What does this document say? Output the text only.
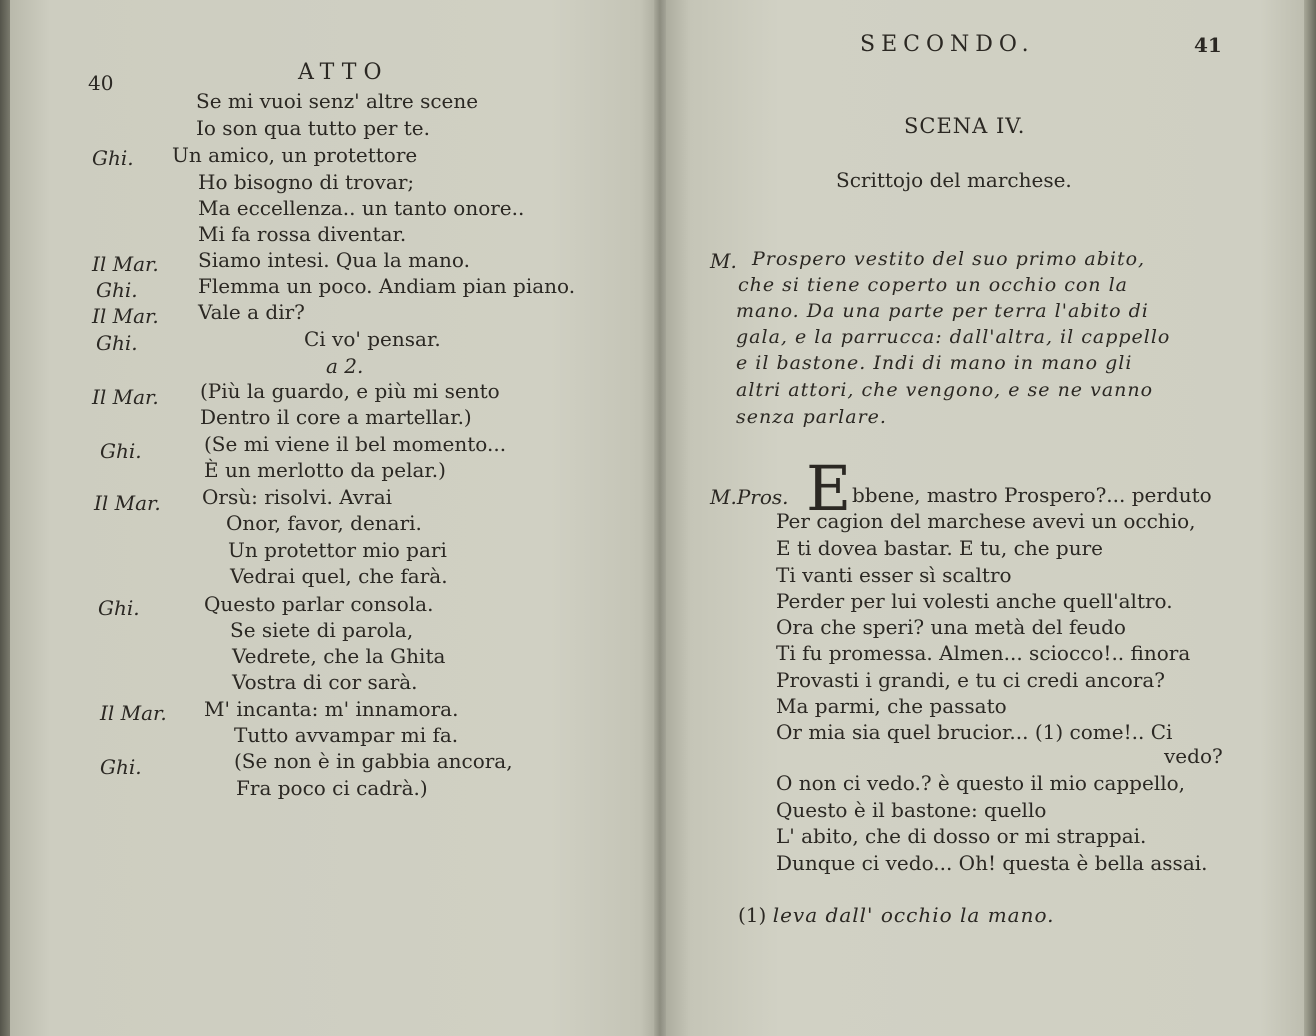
40	ATTO
Ghi.
Il Mar.
Ghi.
Il Mar.
Ghi.
Il Mar.
Ghi.
Il Mar.
Ghi.
Il Mar.
Ghi.
Se mi vuoi senz' altre scene
Io son qua tutto per te.
Un amico, un protettore
Ho bisogno di trovar;
Ma eccellenza.. un tanto onore..
Mi fa rossa diventar.
Siamo intesi. Qua la mano.
Flemma un poco. Andiam pian piano.
Vale a dir?
Ci vo' pensar.
a 2.
(Più la guardo, e più mi sento
Dentro il core a martellar.)
(Se mi viene il bel momento...
È un merlotto da pelar.)
Orsù: risolvi. Avrai
Onor, favor, denari.
Un protettor mio pari
Vedrai quel, che farà.
Questo parlar consola.
Se siete di parola,
Vedrete, che la Ghita
Vostra di cor sarà.
M' incanta: m' innamora.
Tutto avvampar mi fa.
(Se non è in gabbia ancora,
Fra poco ci cadrà.)
SECONDO.	41
SCENA IV.
Scrittojo del marchese.
M. Prospero vestito del suo primo abito,
che si tiene coperto un occhio con la
mano. Da una parte per terra l'abito di
gala, e la parrucca: dall'altra, il cappello
e il bastone. Indi di mano in mano gli
altri attori, che vengono, e se ne vanno
senza parlare.
M.Pros. E bbene, mastro Prospero?... perduto
Per cagion del marchese avevi un occhio,
E ti dovea bastar. E tu, che pure
Ti vanti esser sì scaltro
Perder per lui volesti anche quell'altro.
Ora che speri? una metà del feudo
Ti fu promessa. Almen... sciocco!.. finora
Provasti i grandi, e tu ci credi ancora?
Ma parmi, che passato
Or mia sia quel brucior... (1) come!.. Ci
vedo?
O non ci vedo.? è questo il mio cappello,
Questo è il bastone: quello
L' abito, che di dosso or mi strappai.
Dunque ci vedo... Oh! questa è bella assai.
(1) leva dall' occhio la mano.
